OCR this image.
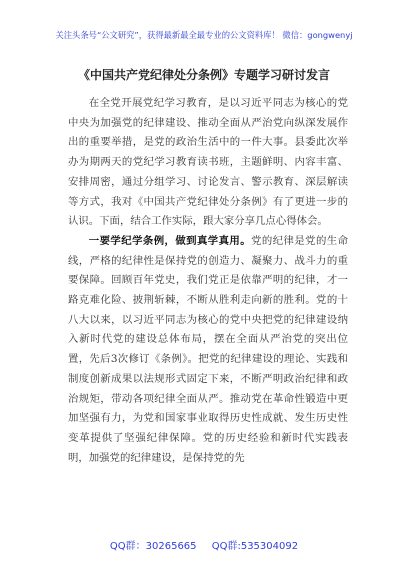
关注头条号“公文研究”，获得最新最全最专业的公文资料库！ 微信：gongwenyj
《中国共产党纪律处分条例》专题学习研讨发言

在全党开展党纪学习教育，是以习近平同志为核心的党中央为加强党的纪律建设、推动全面从严治党向纵深发展作出的重要举措，是党的政治生活中的一件大事。县委此次举办为期两天的党纪学习教育读书班，主题鲜明、内容丰富、安排周密，通过分组学习、讨论发言、警示教育、深层解读等方式，我对《中国共产党纪律处分条例》有了更进一步的认识。下面，结合工作实际，跟大家分享几点心得体会。

一要学纪学条例，做到真学真用。党的纪律是党的生命线，严格的纪律性是保持党的创造力、凝聚力、战斗力的重要保障。回顾百年党史，我们党正是依靠严明的纪律，才一路克难化险、披荆斩棘，不断从胜利走向新的胜利。党的十八大以来，以习近平同志为核心的党中央把党的纪律建设纳入新时代党的建设总体布局，摆在全面从严治党的突出位置，先后3次修订《条例》。把党的纪律建设的理论、实践和制度创新成果以法规形式固定下来，不断严明政治纪律和政治规矩，带动各项纪律全面从严。推动党在革命性锻造中更加坚强有力，为党和国家事业取得历史性成就、发生历史性变革提供了坚强纪律保障。党的历史经验和新时代实践表明，加强党的纪律建设，是保持党的先

QQ群：30265665 QQ群:535304092
